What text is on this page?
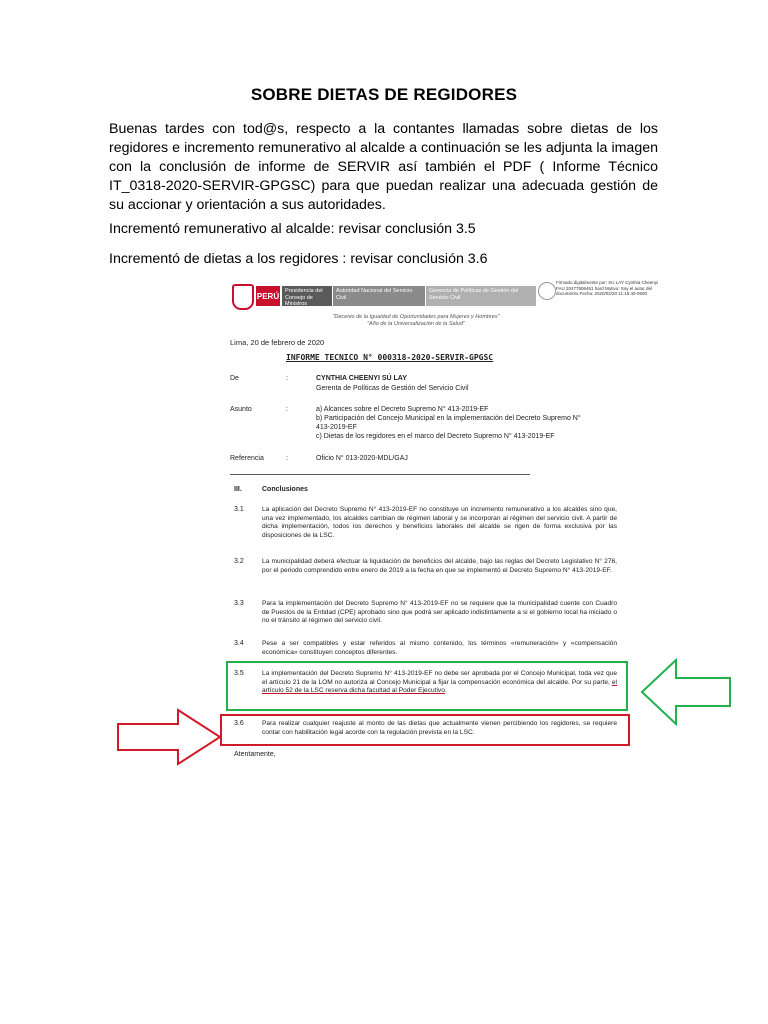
SOBRE DIETAS DE REGIDORES
Buenas tardes con tod@s, respecto a la contantes llamadas sobre dietas de los regidores e incremento remunerativo al alcalde a continuación se les adjunta la imagen con la conclusión de informe de SERVIR así también el PDF ( Informe Técnico IT_0318-2020-SERVIR-GPGSC) para que puedan realizar una adecuada gestión de su accionar y orientación a sus autoridades.
Incrementó remunerativo al alcalde: revisar conclusión 3.5
Incrementó de dietas a los regidores : revisar conclusión 3.6
PERÚ
Presidencia del Consejo de Ministros
Autoridad Nacional del Servicio Civil
Gerencia de Políticas de Gestión del Servicio Civil
Firmado digitalmente por: SU LAY Cynthia Cheenyi FAU 20477906461 hard Motivo: Soy el autor del documento Fecha: 2020/02/20 11:15:40-0500
"Decenio de la Igualdad de Oportunidades para Mujeres y Hombres"
"Año de la Universalización de la Salud"
Lima, 20 de febrero de 2020
INFORME TECNICO N° 000318-2020-SERVIR-GPGSC
De	:	CYNTHIA CHEENYI SÚ LAY
Gerenta de Políticas de Gestión del Servicio Civil
Asunto	:	a) Alcances sobre el Decreto Supremo N° 413-2019-EF
b) Participación del Concejo Municipal en la implementación del Decreto Supremo N° 413-2019-EF
c) Dietas de los regidores en el marco del Decreto Supremo N° 413-2019-EF
Referencia	:	Oficio N° 013-2020-MDL/GAJ
III.	Conclusiones
3.1	La aplicación del Decreto Supremo N° 413-2019-EF no constituye un incremento remunerativo a los alcaldes sino que, una vez implementado, los alcaldes cambian de régimen laboral y se incorporan al régimen del servicio civil. A partir de dicha implementación, todos los derechos y beneficios laborales del alcalde se rigen de forma exclusiva por las disposiciones de la LSC.
3.2	La municipalidad deberá efectuar la liquidación de beneficios del alcalde, bajo las reglas del Decreto Legislativo N° 276, por el periodo comprendido entre enero de 2019 a la fecha en que se implementó el Decreto Supremo N° 413-2019-EF.
3.3	Para la implementación del Decreto Supremo N° 413-2019-EF no se requiere que la municipalidad cuente con Cuadro de Puestos de la Entidad (CPE) aprobado sino que podrá ser aplicado indistintamente a si el gobierno local ha iniciado o no el tránsito al régimen del servicio civil.
3.4	Pese a ser compatibles y estar referidos al mismo contenido, los términos «remuneración» y «compensación económica» constituyen conceptos diferentes.
3.5	La implementación del Decreto Supremo N° 413-2019-EF no debe ser aprobada por el Concejo Municipal, toda vez que el artículo 21 de la LOM no autoriza al Concejo Municipal a fijar la compensación económica del alcalde. Por su parte, el artículo 52 de la LSC reserva dicha facultad al Poder Ejecutivo.
3.6	Para realizar cualquier reajuste al monto de las dietas que actualmente vienen percibiendo los regidores, se requiere contar con habilitación legal acorde con la regulación prevista en la LSC.
Atentamente,
